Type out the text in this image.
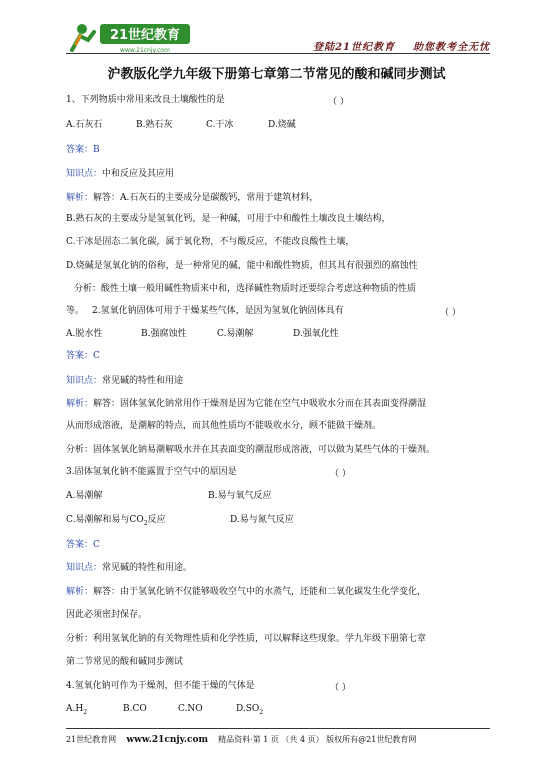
21世纪教育
www.21cnjy.com	登陆21世纪教育 助您教考全无忧
沪教版化学九年级下册第七章第二节常见的酸和碱同步测试
1、下列物质中常用来改良土壤酸性的是	（ ）
A.石灰石	B.熟石灰	C.干冰	D.烧碱
答案：B
知识点：中和反应及其应用
解析：解答：A.石灰石的主要成分是碳酸钙，常用于建筑材料，
B.熟石灰的主要成分是氢氧化钙，是一种碱，可用于中和酸性土壤改良土壤结构，
C.干冰是固态二氧化碳，属于氧化物，不与酸反应，不能改良酸性土壤，
D.烧碱是氢氧化钠的俗称，是一种常见的碱，能中和酸性物质，但其具有很强烈的腐蚀性
分析：酸性土壤一般用碱性物质来中和，选择碱性物质时还要综合考虑这种物质的性质
等。 2.氢氧化钠固体可用于干燥某些气体，是因为氢氧化钠固体具有	（ ）
A.脱水性	B.强腐蚀性	C.易潮解	D.强氧化性
答案：C
知识点：常见碱的特性和用途
解析：解答：固体氢氧化钠常用作干燥剂是因为它能在空气中吸收水分而在其表面变得潮湿
从而形成溶液，是潮解的特点，而其他性质均不能吸收水分，顾不能做干燥剂。
分析：固体氢氧化钠易潮解吸水并在其表面变的潮湿形成溶液，可以做为某些气体的干燥剂。
3.固体氢氧化钠不能露置于空气中的原因是	（ ）
A.易潮解	B.易与氧气反应
C.易潮解和易与$CO_2$反应	D.易与氮气反应
答案：C
知识点：常见碱的特性和用途。
解析：解答：由于氢氧化钠不仅能够吸收空气中的水蒸气，还能和二氧化碳发生化学变化，
因此必须密封保存。
分析：利用氢氧化钠的有关物理性质和化学性质，可以解释这些现象。学九年级下册第七章
第二节常见的酸和碱同步测试
4.氢氧化钠可作为干燥剂，但不能干燥的气体是	（ ）
$A.H_2$	B.CO	C.NO	$D.SO_2$
21世纪教育网 www.21cnjy.com 精品资料·第 1 页 （共 4 页） 版权所有@21世纪教育网
